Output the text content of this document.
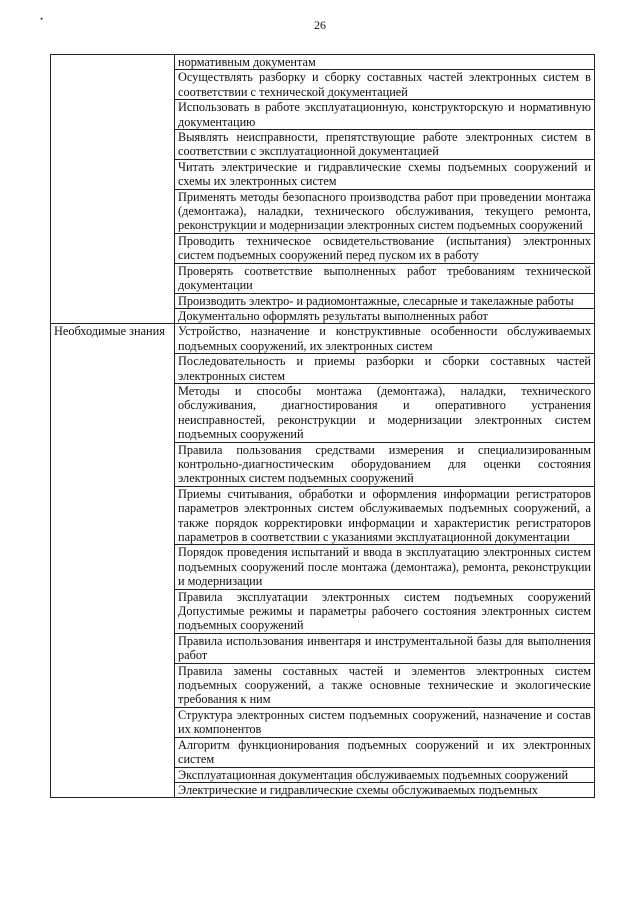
•	26
	нормативным документам
	Осуществлять разборку и сборку составных частей электронных систем в соответствии с технической документацией
	Использовать в работе эксплуатационную, конструкторскую и нормативную документацию
	Выявлять неисправности, препятствующие работе электронных систем в соответствии с эксплуатационной документацией
	Читать электрические и гидравлические схемы подъемных сооружений и схемы их электронных систем
	Применять методы безопасного производства работ при проведении монтажа (демонтажа), наладки, технического обслуживания, текущего ремонта, реконструкции и модернизации электронных систем подъемных сооружений
	Проводить техническое освидетельствование (испытания) электронных систем подъемных сооружений перед пуском их в работу
	Проверять соответствие выполненных работ требованиям технической документации
	Производить электро- и радиомонтажные, слесарные и такелажные работы
	Документально оформлять результаты выполненных работ
Необходимые знания	Устройство, назначение и конструктивные особенности обслуживаемых подъемных сооружений, их электронных систем
	Последовательность и приемы разборки и сборки составных частей электронных систем
	Методы и способы монтажа (демонтажа), наладки, технического обслуживания, диагностирования и оперативного устранения неисправностей, реконструкции и модернизации электронных систем подъемных сооружений
	Правила пользования средствами измерения и специализированным контрольно-диагностическим оборудованием для оценки состояния электронных систем подъемных сооружений
	Приемы считывания, обработки и оформления информации регистраторов параметров электронных систем обслуживаемых подъемных сооружений, а также порядок корректировки информации и характеристик регистраторов параметров в соответствии с указаниями эксплуатационной документации
	Порядок проведения испытаний и ввода в эксплуатацию электронных систем подъемных сооружений после монтажа (демонтажа), ремонта, реконструкции и модернизации
	Правила эксплуатации электронных систем подъемных сооружений Допустимые режимы и параметры рабочего состояния электронных систем подъемных сооружений
	Правила использования инвентаря и инструментальной базы для выполнения работ
	Правила замены составных частей и элементов электронных систем подъемных сооружений, а также основные технические и экологические требования к ним
	Структура электронных систем подъемных сооружений, назначение и состав их компонентов
	Алгоритм функционирования подъемных сооружений и их электронных систем
	Эксплуатационная документация обслуживаемых подъемных сооружений
	Электрические и гидравлические схемы обслуживаемых подъемных
